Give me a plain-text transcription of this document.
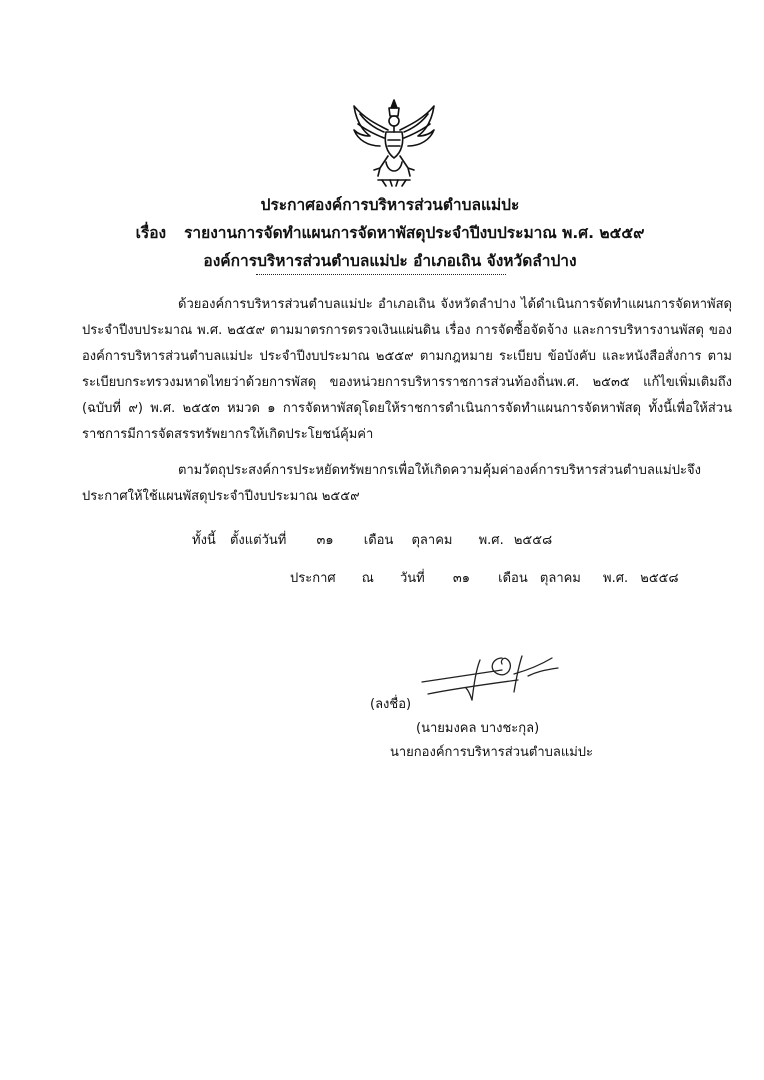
ประกาศองค์การบริหารส่วนตำบลแม่ปะ
เรื่อง รายงานการจัดทำแผนการจัดหาพัสดุประจำปีงบประมาณ พ.ศ. ๒๕๕๙
องค์การบริหารส่วนตำบลแม่ปะ อำเภอเถิน จังหวัดลำปาง
ด้วยองค์การบริหารส่วนตำบลแม่ปะ อำเภอเถิน จังหวัดลำปาง ได้ดำเนินการจัดทำแผนการจัดหาพัสดุ
ประจำปีงบประมาณ พ.ศ. ๒๕๕๙ ตามมาตรการตรวจเงินแผ่นดิน เรื่อง การจัดซื้อจัดจ้าง และการบริหารงานพัสดุ ของ
องค์การบริหารส่วนตำบลแม่ปะ ประจำปีงบประมาณ ๒๕๕๙ ตามกฎหมาย ระเบียบ ข้อบังคับ และหนังสือสั่งการ ตาม
ระเบียบกระทรวงมหาดไทยว่าด้วยการพัสดุ ของหน่วยการบริหารราชการส่วนท้องถิ่นพ.ศ. ๒๕๓๕ แก้ไขเพิ่มเติมถึง
(ฉบับที่ ๙) พ.ศ. ๒๕๕๓ หมวด ๑ การจัดหาพัสดุโดยให้ราชการดำเนินการจัดทำแผนการจัดหาพัสดุ ทั้งนี้เพื่อให้ส่วน
ราชการมีการจัดสรรทรัพยากรให้เกิดประโยชน์คุ้มค่า
ตามวัตถุประสงค์การประหยัดทรัพยากรเพื่อให้เกิดความคุ้มค่าองค์การบริหารส่วนตำบลแม่ปะจึง
ประกาศให้ใช้แผนพัสดุประจำปีงบประมาณ ๒๕๕๙
ทั้งนี้ ตั้งแต่วันที่ ๓๑ เดือน ตุลาคม พ.ศ. ๒๕๕๘
ประกาศ ณ วันที่ ๓๑ เดือน ตุลาคม พ.ศ. ๒๕๕๘
(ลงชื่อ)
(นายมงคล บางชะกุล)
นายกองค์การบริหารส่วนตำบลแม่ปะ
